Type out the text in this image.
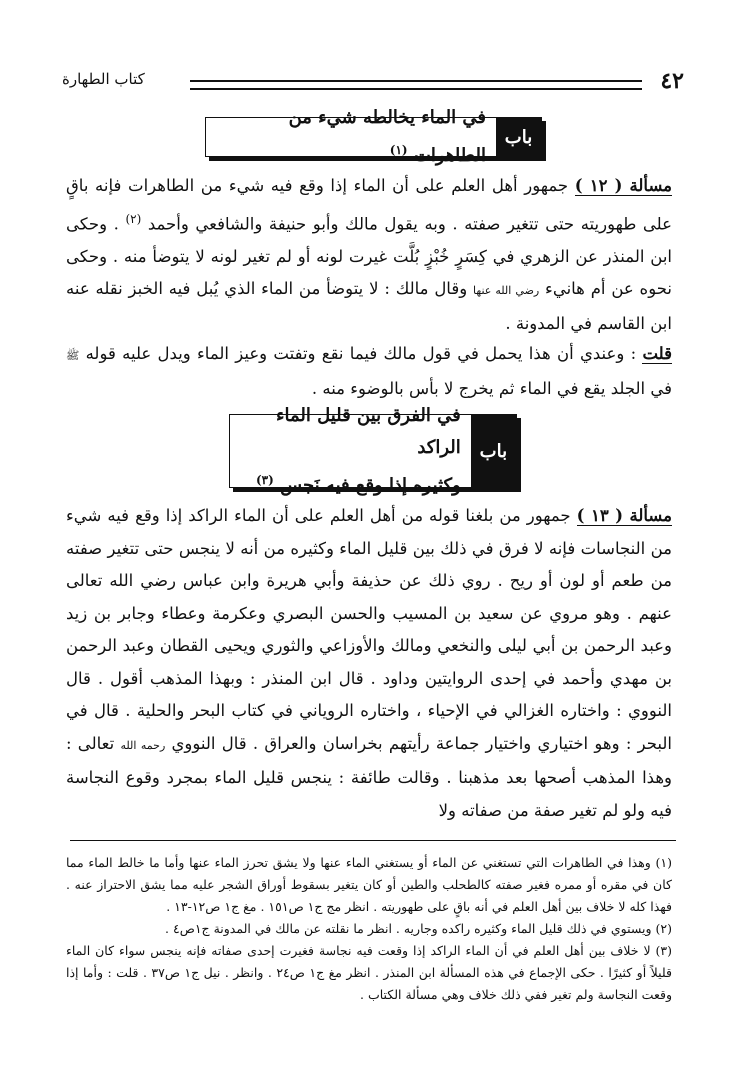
٤٢
كتاب الطهارة
باب
في الماء يخالطه شيء من الطاهرات $^{(١)}$
مسألة ( ١٢ ) جمهور أهل العلم على أن الماء إذا وقع فيه شيء من الطاهرات فإنه باقٍ على طهوريته حتى تتغير صفته . وبه يقول مالك وأبو حنيفة والشافعي وأحمد $^{(٢)}$ . وحكى ابن المنذر عن الزهري في كِسَرٍ خُبْزٍ بُلَّت غيرت لونه أو لم تغير لونه لا يتوضأ منه . وحكى نحوه عن أم هانيء رضي الله عنها وقال مالك : لا يتوضأ من الماء الذي يُبل فيه الخبز نقله عنه ابن القاسم في المدونة .
قلت : وعندي أن هذا يحمل في قول مالك فيما نقع وتفتت وعيز الماء ويدل عليه قوله ﷺ في الجلد يقع في الماء ثم يخرج لا بأس بالوضوء منه .
باب
في الفرق بين قليل الماء الراكد
وكثيره إذا وقع فيه نَجس $^{(٣)}$
مسألة ( ١٣ ) جمهور من بلغنا قوله من أهل العلم على أن الماء الراكد إذا وقع فيه شيء من النجاسات فإنه لا فرق في ذلك بين قليل الماء وكثيره من أنه لا ينجس حتى تتغير صفته من طعم أو لون أو ريح . روي ذلك عن حذيفة وأبي هريرة وابن عباس رضي الله تعالى عنهم . وهو مروي عن سعيد بن المسيب والحسن البصري وعكرمة وعطاء وجابر بن زيد وعبد الرحمن بن أبي ليلى والنخعي ومالك والأوزاعي والثوري ويحيى القطان وعبد الرحمن بن مهدي وأحمد في إحدى الروايتين وداود . قال ابن المنذر : وبهذا المذهب أقول . قال النووي : واختاره الغزالي في الإحياء ، واختاره الروياني في كتاب البحر والحلية . قال في البحر : وهو اختياري واختيار جماعة رأيتهم بخراسان والعراق . قال النووي رحمه الله تعالى : وهذا المذهب أصحها بعد مذهبنا . وقالت طائفة : ينجس قليل الماء بمجرد وقوع النجاسة فيه ولو لم تغير صفة من صفاته ولا

(١) وهذا في الطاهرات التي تستغني عن الماء أو يستغني الماء عنها ولا يشق تحرز الماء عنها وأما ما خالط الماء مما كان في مقره أو ممره فغير صفته كالطحلب والطين أو كان يتغير بسقوط أوراق الشجر عليه مما يشق الاحتراز عنه . فهذا كله لا خلاف بين أهل العلم في أنه باقٍ على طهوريته . انظر مج ج١ ص١٥١ . مغ ج١ ص١٢-١٣ .

(٢) ويستوي في ذلك قليل الماء وكثيره راكده وجاريه . انظر ما نقلته عن مالك في المدونة ج١ص٤ .

(٣) لا خلاف بين أهل العلم في أن الماء الراكد إذا وقعت فيه نجاسة فغيرت إحدى صفاته فإنه ينجس سواء كان الماء قليلاً أو كثيرًا . حكى الإجماع في هذه المسألة ابن المنذر . انظر مغ ج١ ص٢٤ . وانظر . نيل ج١ ص٣٧ . قلت : وأما إذا وقعت النجاسة ولم تغير ففي ذلك خلاف وهي مسألة الكتاب .
